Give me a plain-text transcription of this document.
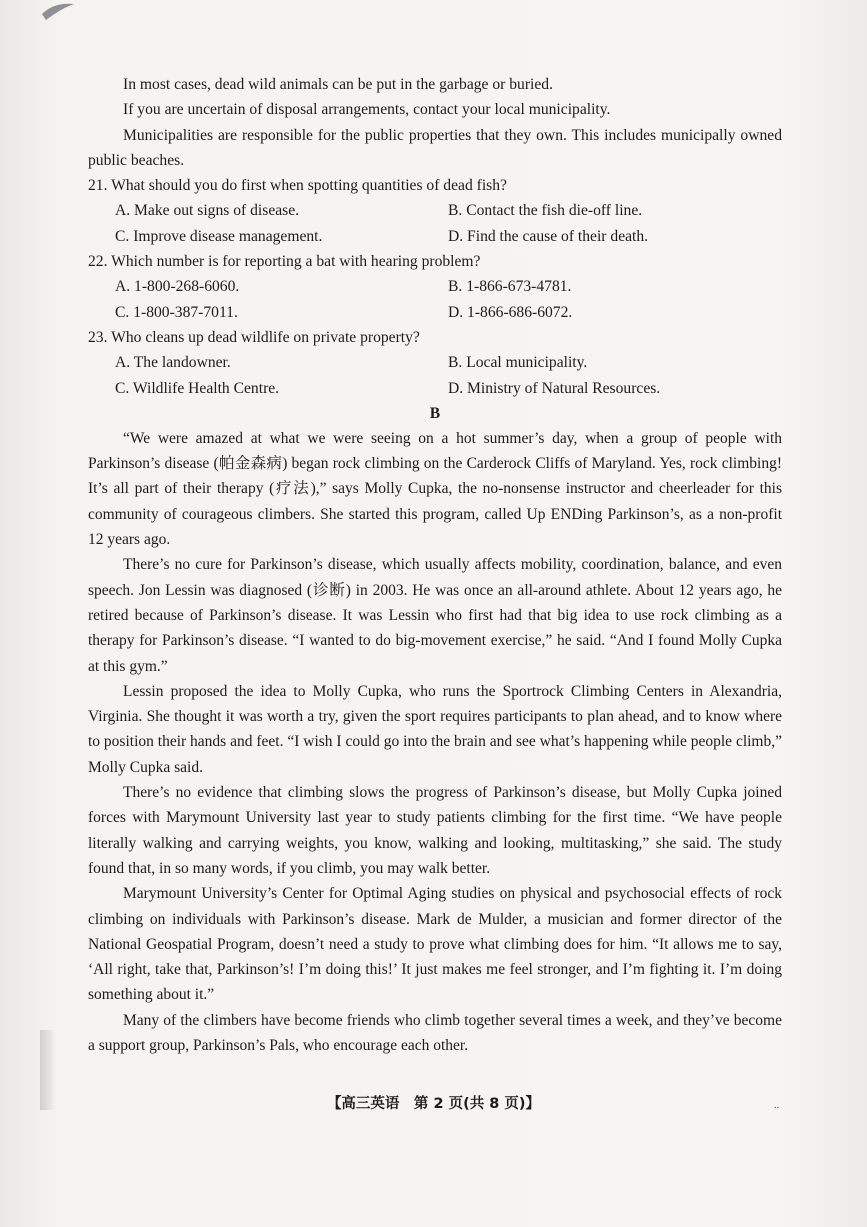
In most cases, dead wild animals can be put in the garbage or buried.

If you are uncertain of disposal arrangements, contact your local municipality.

Municipalities are responsible for the public properties that they own. This includes municipally owned public beaches.

21. What should you do first when spotting quantities of dead fish?

A. Make out signs of disease.	B. Contact the fish die-off line.
C. Improve disease management.	D. Find the cause of their death.

22. Which number is for reporting a bat with hearing problem?

A. 1-800-268-6060.	B. 1-866-673-4781.
C. 1-800-387-7011.	D. 1-866-686-6072.

23. Who cleans up dead wildlife on private property?

A. The landowner.	B. Local municipality.
C. Wildlife Health Centre.	D. Ministry of Natural Resources.

B

“We were amazed at what we were seeing on a hot summer’s day, when a group of people with Parkinson’s disease (帕金森病) began rock climbing on the Carderock Cliffs of Maryland. Yes, rock climbing! It’s all part of their therapy (疗法),” says Molly Cupka, the no-nonsense instructor and cheerleader for this community of courageous climbers. She started this program, called Up ENDing Parkinson’s, as a non-profit 12 years ago.

There’s no cure for Parkinson’s disease, which usually affects mobility, coordination, balance, and even speech. Jon Lessin was diagnosed (诊断) in 2003. He was once an all-around athlete. About 12 years ago, he retired because of Parkinson’s disease. It was Lessin who first had that big idea to use rock climbing as a therapy for Parkinson’s disease. “I wanted to do big-movement exercise,” he said. “And I found Molly Cupka at this gym.”

Lessin proposed the idea to Molly Cupka, who runs the Sportrock Climbing Centers in Alexandria, Virginia. She thought it was worth a try, given the sport requires participants to plan ahead, and to know where to position their hands and feet. “I wish I could go into the brain and see what’s happening while people climb,” Molly Cupka said.

There’s no evidence that climbing slows the progress of Parkinson’s disease, but Molly Cupka joined forces with Marymount University last year to study patients climbing for the first time. “We have people literally walking and carrying weights, you know, walking and looking, multitasking,” she said. The study found that, in so many words, if you climb, you may walk better.

Marymount University’s Center for Optimal Aging studies on physical and psychosocial effects of rock climbing on individuals with Parkinson’s disease. Mark de Mulder, a musician and former director of the National Geospatial Program, doesn’t need a study to prove what climbing does for him. “It allows me to say, ‘All right, take that, Parkinson’s! I’m doing this!’ It just makes me feel stronger, and I’m fighting it. I’m doing something about it.”

Many of the climbers have become friends who climb together several times a week, and they’ve become a support group, Parkinson’s Pals, who encourage each other.

【高三英语　第 2 页(共 8 页)】	..
